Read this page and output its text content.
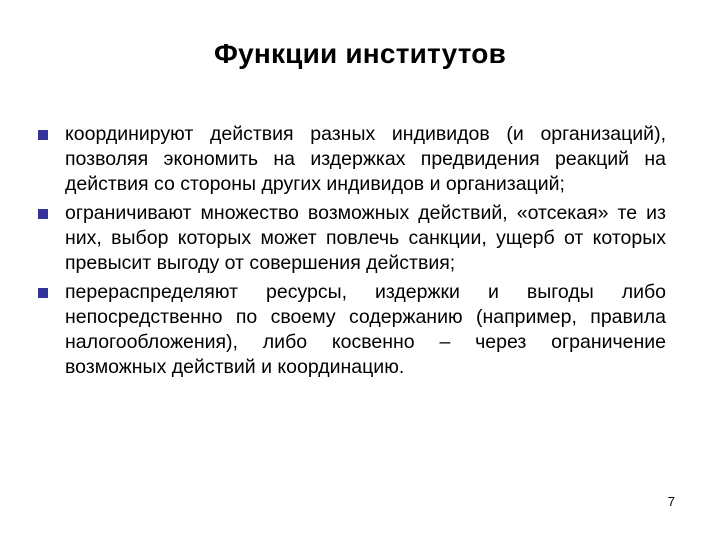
Функции институтов
координируют действия разных индивидов (и организаций), позволяя экономить на издержках предвидения реакций на действия со стороны других индивидов и организаций;
ограничивают множество возможных действий, «отсекая» те из них, выбор которых может повлечь санкции, ущерб от которых превысит выгоду от совершения действия;
перераспределяют ресурсы, издержки и выгоды либо непосредственно по своему содержанию (например, правила налогообложения), либо косвенно – через ограничение возможных действий и координацию.
7
